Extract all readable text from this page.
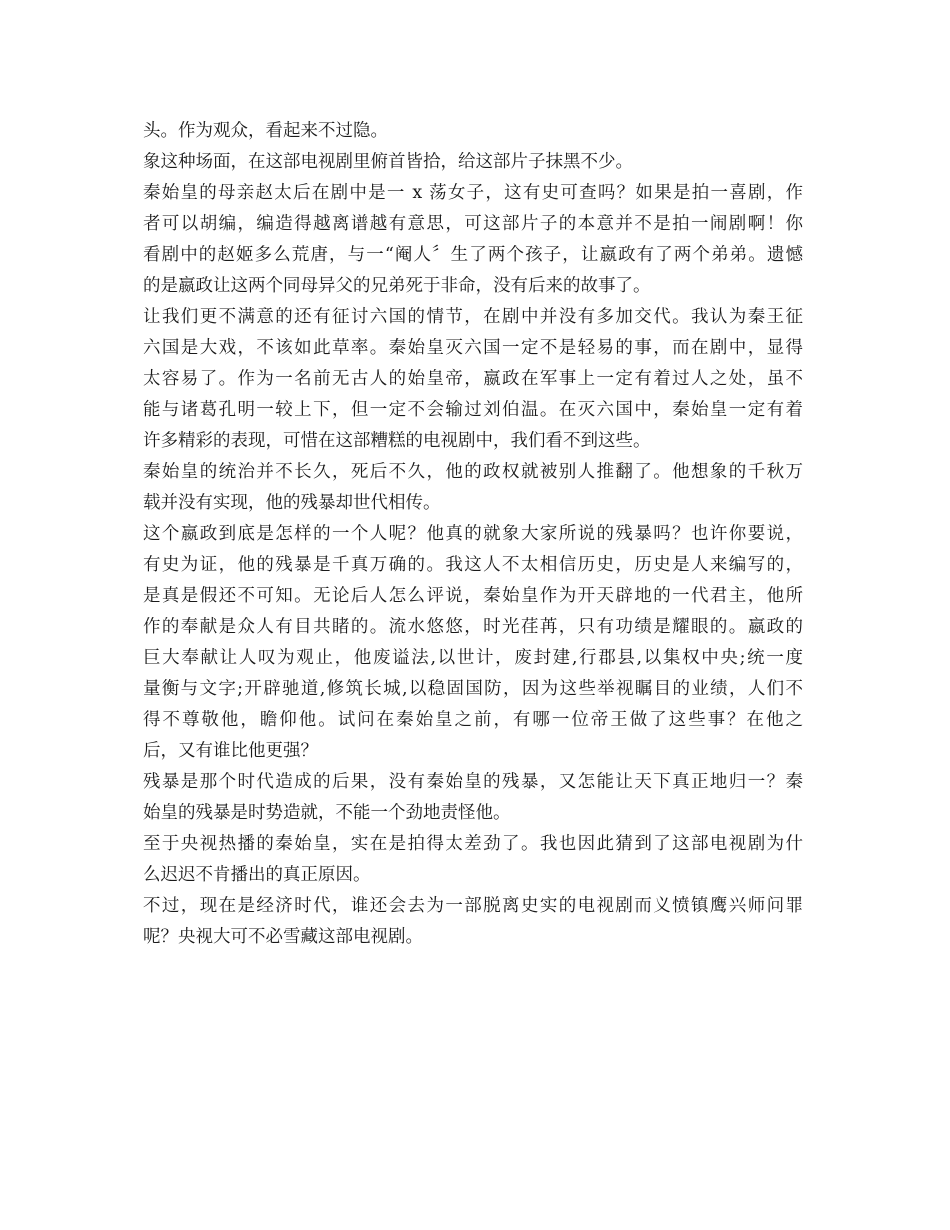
头。作为观众，看起来不过隐。
象这种场面，在这部电视剧里俯首皆拾，给这部片子抹黑不少。
秦始皇的母亲赵太后在剧中是一 x 荡女子，这有史可查吗？如果是拍一喜剧，作
者可以胡编，编造得越离谱越有意思，可这部片子的本意并不是拍一闹剧啊！你
看剧中的赵姬多么荒唐，与一“阉人〞生了两个孩子，让嬴政有了两个弟弟。遗憾
的是嬴政让这两个同母异父的兄弟死于非命，没有后来的故事了。
让我们更不满意的还有征讨六国的情节，在剧中并没有多加交代。我认为秦王征
六国是大戏，不该如此草率。秦始皇灭六国一定不是轻易的事，而在剧中，显得
太容易了。作为一名前无古人的始皇帝，嬴政在军事上一定有着过人之处，虽不
能与诸葛孔明一较上下，但一定不会输过刘伯温。在灭六国中，秦始皇一定有着
许多精彩的表现，可惜在这部糟糕的电视剧中，我们看不到这些。
秦始皇的统治并不长久，死后不久，他的政权就被别人推翻了。他想象的千秋万
载并没有实现，他的残暴却世代相传。
这个嬴政到底是怎样的一个人呢？他真的就象大家所说的残暴吗？也许你要说，
有史为证，他的残暴是千真万确的。我这人不太相信历史，历史是人来编写的，
是真是假还不可知。无论后人怎么评说，秦始皇作为开天辟地的一代君主，他所
作的奉献是众人有目共睹的。流水悠悠，时光荏苒，只有功绩是耀眼的。嬴政的
巨大奉献让人叹为观止，他废谥法,以世计，废封建,行郡县,以集权中央;统一度
量衡与文字;开辟驰道,修筑长城,以稳固国防，因为这些举视瞩目的业绩，人们不
得不尊敬他，瞻仰他。试问在秦始皇之前，有哪一位帝王做了这些事？在他之
后，又有谁比他更强？
残暴是那个时代造成的后果，没有秦始皇的残暴，又怎能让天下真正地归一？秦
始皇的残暴是时势造就，不能一个劲地责怪他。
至于央视热播的秦始皇，实在是拍得太差劲了。我也因此猜到了这部电视剧为什
么迟迟不肯播出的真正原因。
不过，现在是经济时代，谁还会去为一部脱离史实的电视剧而义愤镇鹰兴师问罪
呢？央视大可不必雪藏这部电视剧。
